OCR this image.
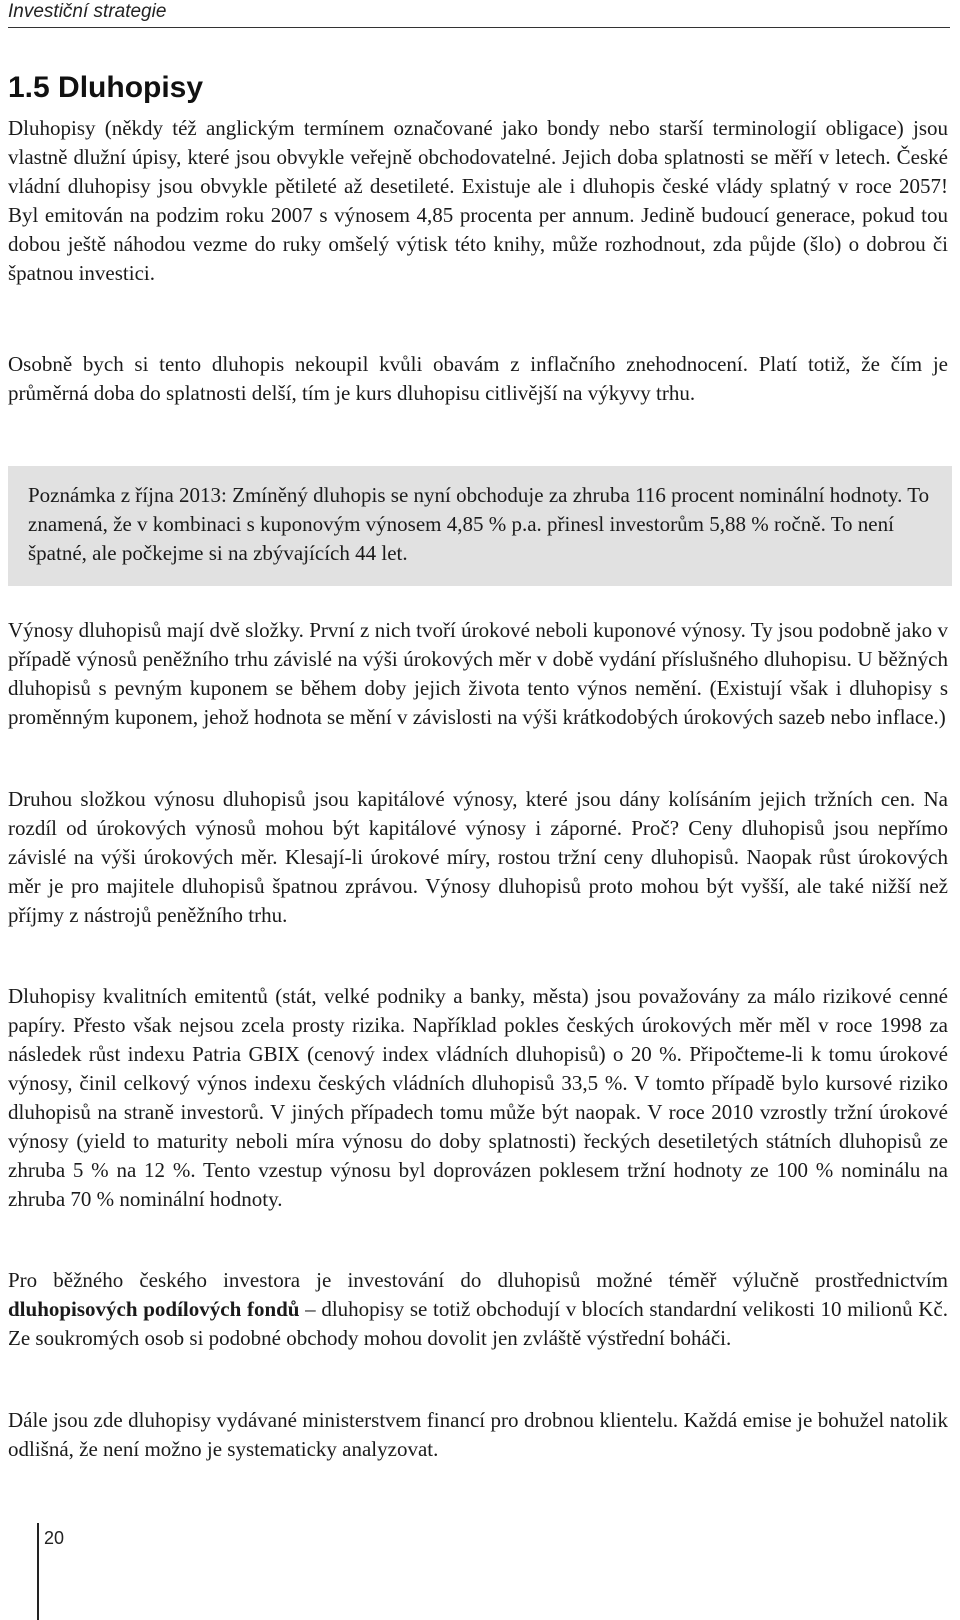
Investiční strategie
1.5 Dluhopisy

Dluhopisy (někdy též anglickým termínem označované jako bondy nebo starší terminologií obligace) jsou vlastně dlužní úpisy, které jsou obvykle veřejně obchodovatelné. Jejich doba splatnosti se měří v letech. České vládní dluhopisy jsou obvykle pětileté až desetileté. Existuje ale i dluhopis české vlády splatný v roce 2057! Byl emitován na podzim roku 2007 s výnosem 4,85 procenta per annum. Jedině budoucí generace, pokud tou dobou ještě náhodou vezme do ruky omšelý výtisk této knihy, může rozhodnout, zda půjde (šlo) o dobrou či špatnou investici.

Osobně bych si tento dluhopis nekoupil kvůli obavám z inflačního znehodnocení. Platí totiž, že čím je průměrná doba do splatnosti delší, tím je kurs dluhopisu citlivější na výkyvy trhu.

Poznámka z října 2013: Zmíněný dluhopis se nyní obchoduje za zhruba 116 procent nominální hodnoty. To znamená, že v kombinaci s kuponovým výnosem 4,85 % p.a. přinesl investorům 5,88 % ročně. To není špatné, ale počkejme si na zbývajících 44 let.

Výnosy dluhopisů mají dvě složky. První z nich tvoří úrokové neboli kuponové výnosy. Ty jsou podobně jako v případě výnosů peněžního trhu závislé na výši úrokových měr v době vydání příslušného dluhopisu. U běžných dluhopisů s pevným kuponem se během doby jejich života tento výnos nemění. (Existují však i dluhopisy s proměnným kuponem, jehož hodnota se mění v závislosti na výši krátkodobých úrokových sazeb nebo inflace.)

Druhou složkou výnosu dluhopisů jsou kapitálové výnosy, které jsou dány kolísáním jejich tržních cen. Na rozdíl od úrokových výnosů mohou být kapitálové výnosy i záporné. Proč? Ceny dluhopisů jsou nepřímo závislé na výši úrokových měr. Klesají-li úrokové míry, rostou tržní ceny dluhopisů. Naopak růst úrokových měr je pro majitele dluhopisů špatnou zprávou. Výnosy dluhopisů proto mohou být vyšší, ale také nižší než příjmy z nástrojů peněžního trhu.

Dluhopisy kvalitních emitentů (stát, velké podniky a banky, města) jsou považovány za málo rizikové cenné papíry. Přesto však nejsou zcela prosty rizika. Například pokles českých úrokových měr měl v roce 1998 za následek růst indexu Patria GBIX (cenový index vládních dluhopisů) o 20 %. Připočteme-li k tomu úrokové výnosy, činil celkový výnos indexu českých vládních dluhopisů 33,5 %. V tomto případě bylo kursové riziko dluhopisů na straně investorů. V jiných případech tomu může být naopak. V roce 2010 vzrostly tržní úrokové výnosy (yield to maturity neboli míra výnosu do doby splatnosti) řeckých desetiletých státních dluhopisů ze zhruba 5 % na 12 %. Tento vzestup výnosu byl doprovázen poklesem tržní hodnoty ze 100 % nominálu na zhruba 70 % nominální hodnoty.

Pro běžného českého investora je investování do dluhopisů možné téměř výlučně prostřednictvím dluhopisových podílových fondů – dluhopisy se totiž obchodují v blocích standardní velikosti 10 milionů Kč. Ze soukromých osob si podobné obchody mohou dovolit jen zvláště výstřední boháči.

Dále jsou zde dluhopisy vydávané ministerstvem financí pro drobnou klientelu. Každá emise je bohužel natolik odlišná, že není možno je systematicky analyzovat.

20
